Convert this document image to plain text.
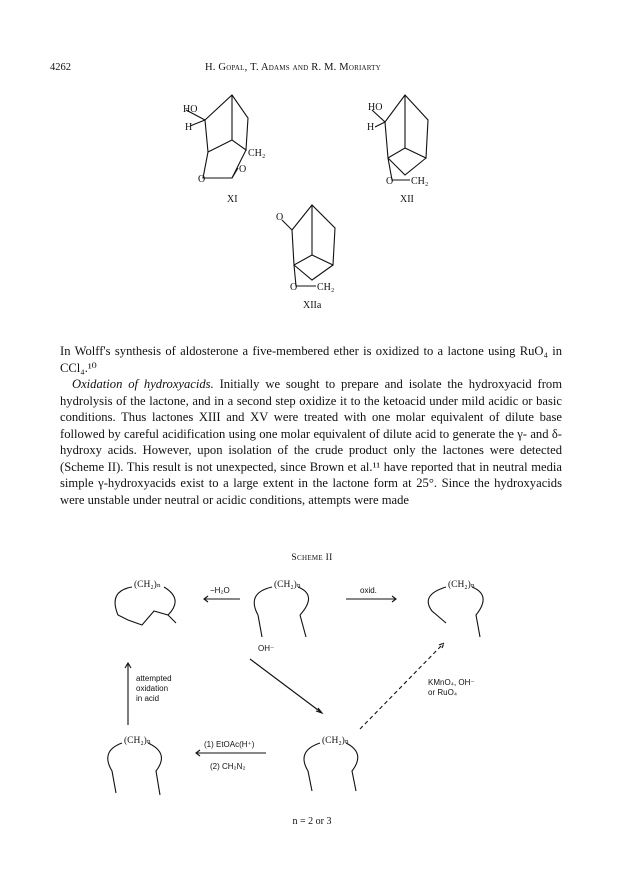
4262	H. Gopal, T. Adams and R. M. Moriarty
HO
H
CH₂
O
O
XI
HO
H
O CH₂
XII
O
O CH₂
XIIa

In Wolff's synthesis of aldosterone a five-membered ether is oxidized to a lactone using RuO₄ in CCl₄.¹⁰

Oxidation of hydroxyacids. Initially we sought to prepare and isolate the hydroxyacid from hydrolysis of the lactone, and in a second step oxidize it to the ketoacid under mild acidic or basic conditions. Thus lactones XIII and XV were treated with one molar equivalent of dilute base followed by careful acidification using one molar equivalent of dilute acid to generate the γ- and δ-hydroxy acids. However, upon isolation of the crude product only the lactones were detected (Scheme II). This result is not unexpected, since Brown et al.¹¹ have reported that in neutral media simple γ-hydroxyacids exist to a large extent in the lactone form at 25°. Since the hydroxyacids were unstable under neutral or acidic conditions, attempts were made

Scheme II
(CH₂)ₙ	(CH₂)ₙ	(CH₂)ₙ
(CH₂)ₙ	(CH₂)ₙ
−H₂O	oxid.
OH⁻
KMnO₄, OH⁻
or RuO₄
attempted
oxidation
in acid
(1) EtOAc(H⁺)
(2) CH₂N₂
n = 2 or 3
